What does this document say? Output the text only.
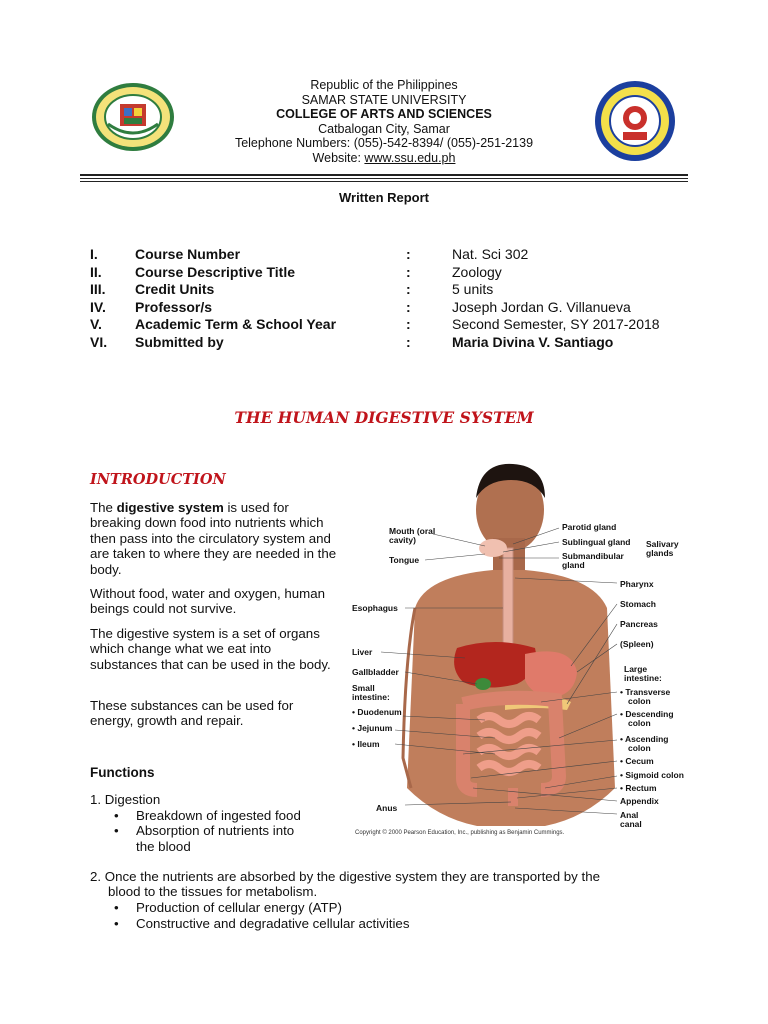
Republic of the Philippines
SAMAR STATE UNIVERSITY
COLLEGE OF ARTS AND SCIENCES
Catbalogan City, Samar
Telephone Numbers: (055)-542-8394/ (055)-251-2139
Website: www.ssu.edu.ph
Written Report
I.	Course Number	:	Nat. Sci 302
II. Course Descriptive Title	:	Zoology
III. Credit Units	:	5 units
IV. Professor/s	:	Joseph Jordan G. Villanueva
V. Academic Term & School Year	:	Second Semester, SY 2017-2018
VI. Submitted by	:	Maria Divina V. Santiago
THE HUMAN DIGESTIVE SYSTEM
INTRODUCTION
The digestive system is used for breaking down food into nutrients which then pass into the circulatory system and are taken to where they are needed in the body.
Without food, water and oxygen, human beings could not survive.
The digestive system is a set of organs which change what we eat into substances that can be used in the body.
These substances can be used for energy, growth and repair.
Functions
1. Digestion
• Breakdown of ingested food
• Absorption of nutrients into
the blood
2. Once the nutrients are absorbed by the digestive system they are transported by the
blood to the tissues for metabolism.
• Production of cellular energy (ATP)
• Constructive and degradative cellular activities
Mouth (oral
cavity)
Tongue
Esophagus
Liver
Gallbladder
Small
intestine:
• Duodenum
• Jejunum
• Ileum
Anus
Parotid gland
Sublingual gland
Submandibular
gland
Salivary
glands
Pharynx
Stomach
Pancreas
(Spleen)
Large
intestine:
• Transverse
colon
• Descending
colon
• Ascending
colon
• Cecum
• Sigmoid colon
• Rectum
Appendix
Anal
canal
Copyright © 2000 Pearson Education, Inc., publishing as Benjamin Cummings.
